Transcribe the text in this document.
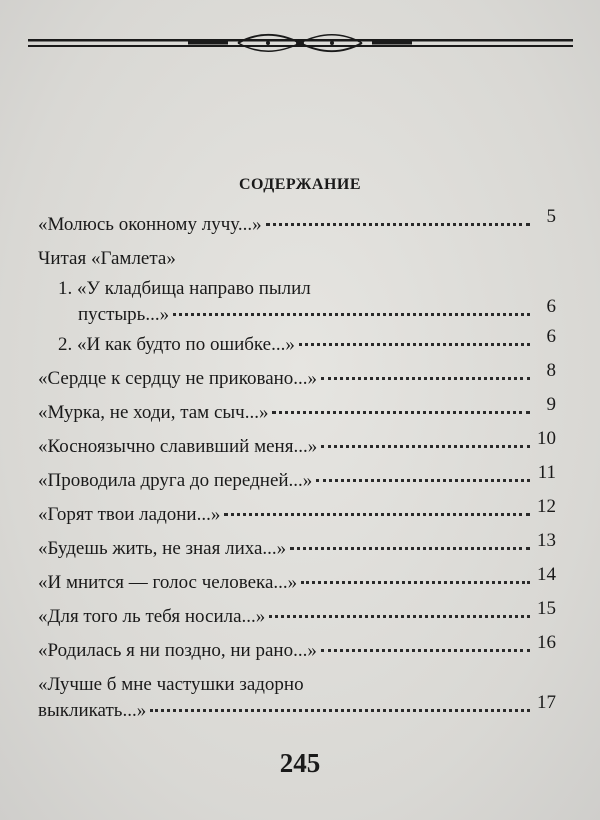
СОДЕРЖАНИЕ
«Молюсь оконному лучу...»	5
Читая «Гамлета»
1. «У кладбища направо пылил
пустырь...»	6
2. «И как будто по ошибке...»	6
«Сердце к сердцу не приковано...»	8
«Мурка, не ходи, там сыч...»	9
«Косноязычно славивший меня...»	10
«Проводила друга до передней...»	11
«Горят твои ладони...»	12
«Будешь жить, не зная лиха...»	13
«И мнится — голос человека...»	14
«Для того ль тебя носила...»	15
«Родилась я ни поздно, ни рано...»	16
«Лучше б мне частушки задорно
выкликать...»	17
245
